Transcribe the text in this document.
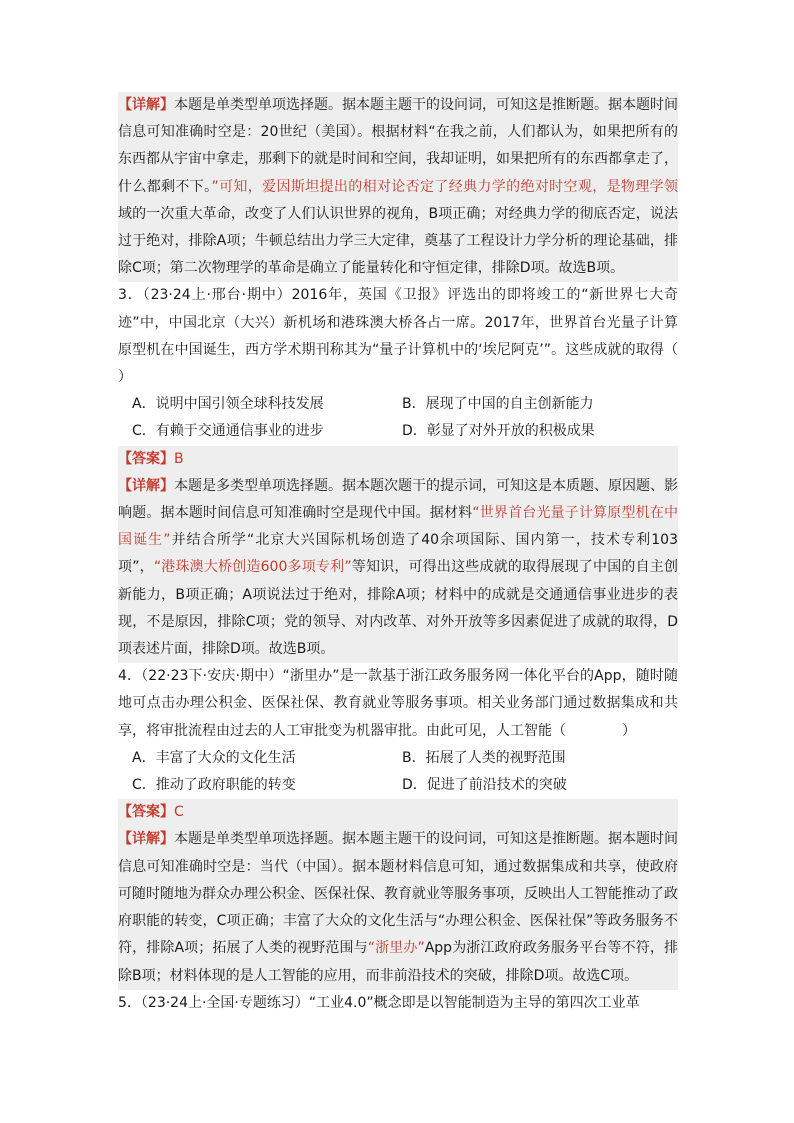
【详解】本题是单类型单项选择题。据本题主题干的设问词，可知这是推断题。据本题时间信息可知准确时空是：20世纪（美国）。根据材料“在我之前，人们都认为，如果把所有的东西都从宇宙中拿走，那剩下的就是时间和空间，我却证明，如果把所有的东西都拿走了，什么都剩不下。”可知，爱因斯坦提出的相对论否定了经典力学的绝对时空观，是物理学领域的一次重大革命，改变了人们认识世界的视角，B项正确；对经典力学的彻底否定，说法过于绝对，排除A项；牛顿总结出力学三大定律，奠基了工程设计力学分析的理论基础，排除C项；第二次物理学的革命是确立了能量转化和守恒定律，排除D项。故选B项。

3．（23·24上·邢台·期中）2016年，英国《卫报》评选出的即将竣工的“新世界七大奇迹”中，中国北京（大兴）新机场和港珠澳大桥各占一席。2017年，世界首台光量子计算原型机在中国诞生，西方学术期刊称其为“量子计算机中的‘埃尼阿克’”。这些成就的取得（　　　）

A．说明中国引领全球科技发展	B．展现了中国的自主创新能力
C．有赖于交通通信事业的进步	D．彰显了对外开放的积极成果

【答案】B

【详解】本题是多类型单项选择题。据本题次题干的提示词，可知这是本质题、原因题、影响题。据本题时间信息可知准确时空是现代中国。据材料“世界首台光量子计算原型机在中国诞生”并结合所学“北京大兴国际机场创造了40余项国际、国内第一，技术专利103项”，“港珠澳大桥创造600多项专利”等知识，可得出这些成就的取得展现了中国的自主创新能力，B项正确；A项说法过于绝对，排除A项；材料中的成就是交通通信事业进步的表现，不是原因，排除C项；党的领导、对内改革、对外开放等多因素促进了成就的取得，D项表述片面，排除D项。故选B项。

4．（22·23下·安庆·期中）“浙里办”是一款基于浙江政务服务网一体化平台的App，随时随地可点击办理公积金、医保社保、教育就业等服务事项。相关业务部门通过数据集成和共享，将审批流程由过去的人工审批变为机器审批。由此可见，人工智能（　　　　）

A．丰富了大众的文化生活	B．拓展了人类的视野范围
C．推动了政府职能的转变	D．促进了前沿技术的突破

【答案】C

【详解】本题是单类型单项选择题。据本题主题干的设问词，可知这是推断题。据本题时间信息可知准确时空是：当代（中国）。据本题材料信息可知，通过数据集成和共享，使政府可随时随地为群众办理公积金、医保社保、教育就业等服务事项，反映出人工智能推动了政府职能的转变，C项正确；丰富了大众的文化生活与“办理公积金、医保社保”等政务服务不符，排除A项；拓展了人类的视野范围与“浙里办”App为浙江政府政务服务平台等不符，排除B项；材料体现的是人工智能的应用，而非前沿技术的突破，排除D项。故选C项。

5．（23·24上·全国·专题练习）“工业4.0”概念即是以智能制造为主导的第四次工业革
